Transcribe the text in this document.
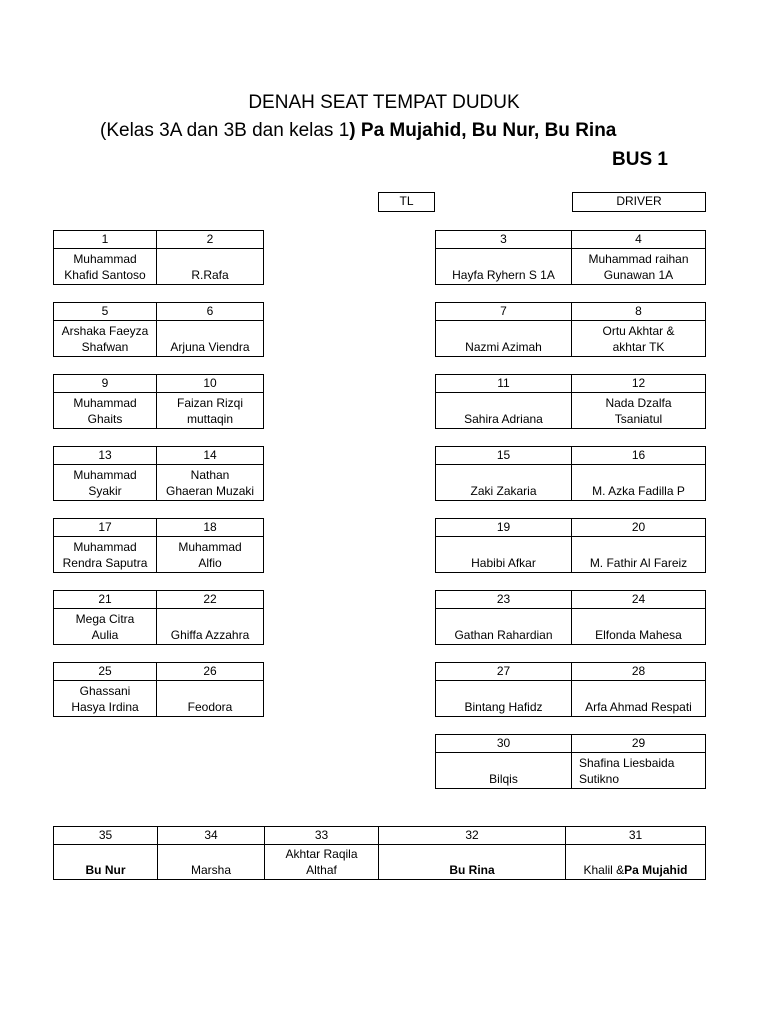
DENAH SEAT TEMPAT DUDUK
(Kelas 3A dan 3B dan kelas 1) Pa Mujahid, Bu Nur, Bu Rina
BUS 1
TL	DRIVER
1
Muhammad
Khafid Santoso
2
R.Rafa
5
Arshaka Faeyza
Shafwan
6
Arjuna Viendra
9
Muhammad
Ghaits
10
Faizan Rizqi
muttaqin
13
Muhammad
Syakir
14
Nathan
Ghaeran Muzaki
17
Muhammad
Rendra Saputra
18
Muhammad
Alfio
21
Mega Citra
Aulia
22
Ghiffa Azzahra
25
Ghassani
Hasya Irdina
26
Feodora
3
Hayfa Ryhern S 1A
4
Muhammad raihan
Gunawan 1A
7
Nazmi Azimah
8
Ortu Akhtar &
akhtar TK
11
Sahira Adriana
12
Nada Dzalfa
Tsaniatul
15
Zaki Zakaria
16
M. Azka Fadilla P
19
Habibi Afkar
20
M. Fathir Al Fareiz
23
Gathan Rahardian
24
Elfonda Mahesa
27
Bintang Hafidz
28
Arfa Ahmad Respati
30
Bilqis
29
Shafina Liesbaida
Sutikno
35
Bu Nur
34
Marsha
33
Akhtar Raqila
Althaf
32
Bu Rina
31
Khalil & Pa Mujahid
